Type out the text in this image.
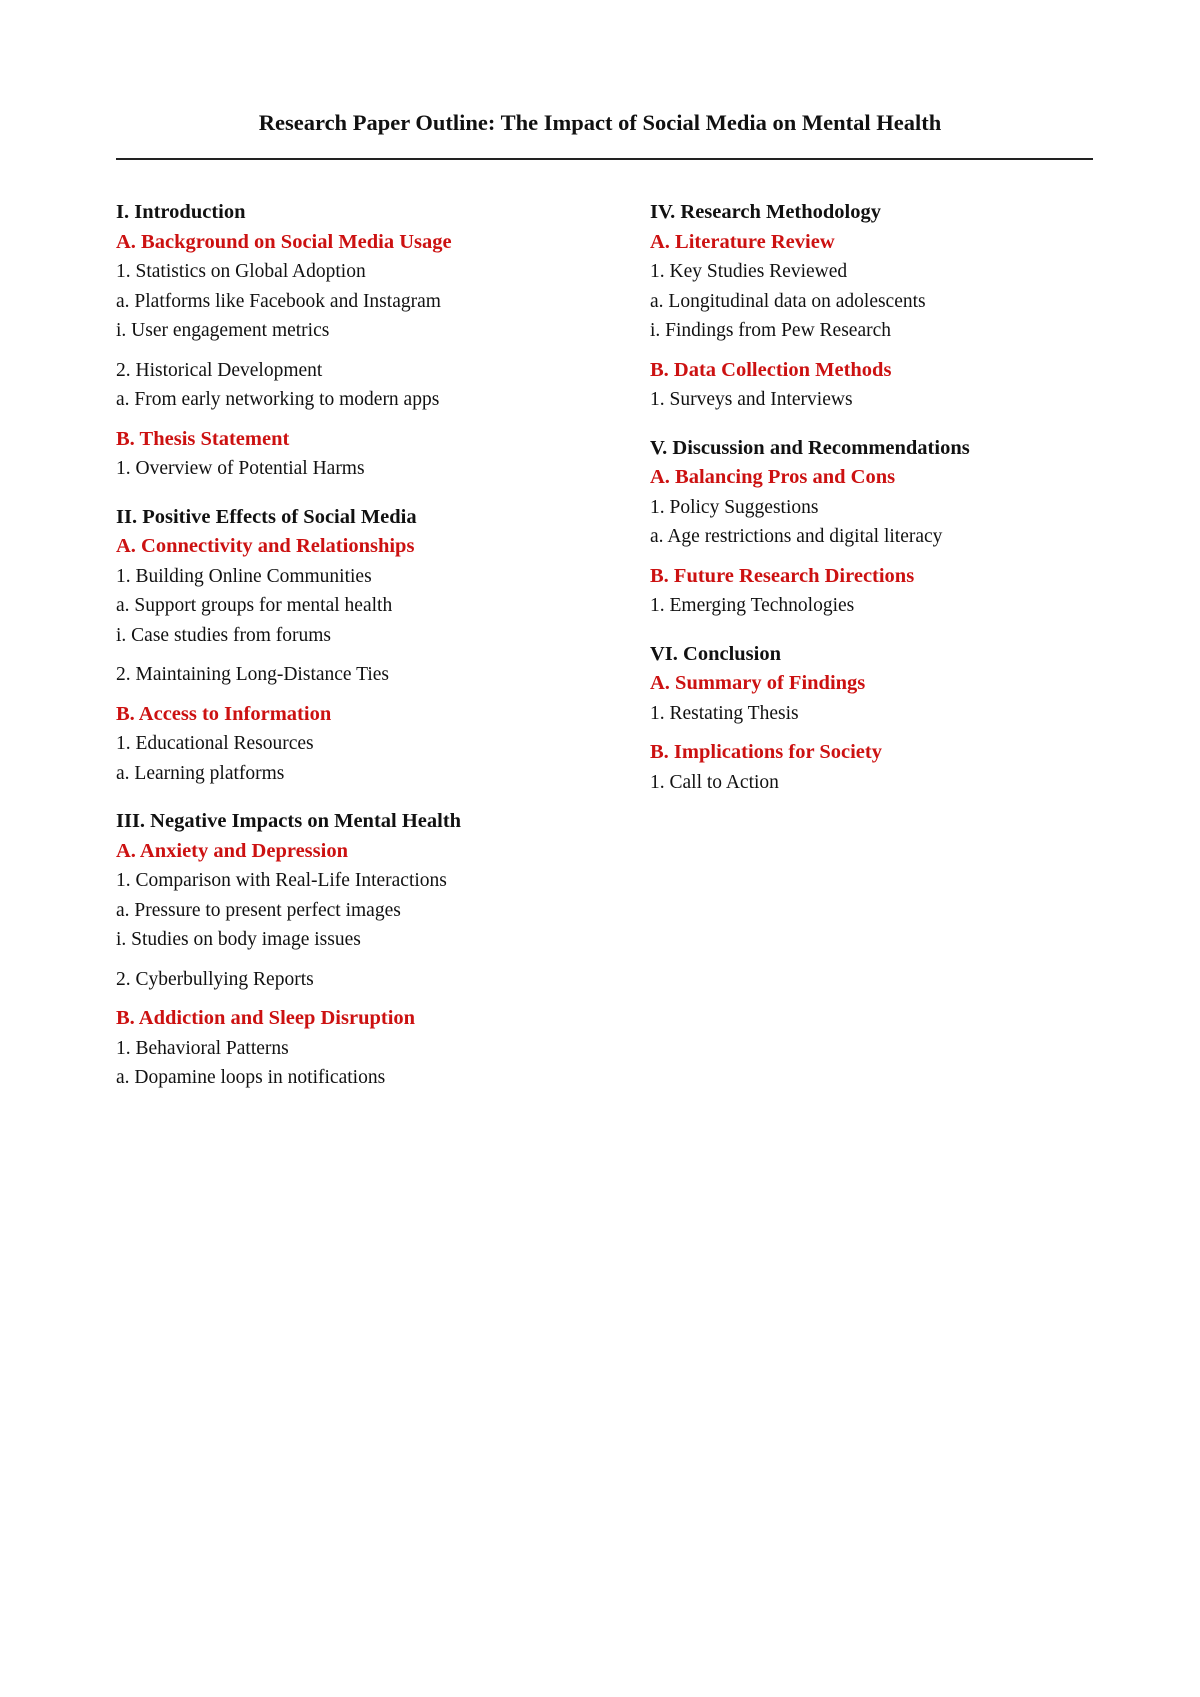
Research Paper Outline: The Impact of Social Media on Mental Health
I. Introduction
A. Background on Social Media Usage
1. Statistics on Global Adoption
a. Platforms like Facebook and Instagram
i. User engagement metrics
2. Historical Development
a. From early networking to modern apps
B. Thesis Statement
1. Overview of Potential Harms
II. Positive Effects of Social Media
A. Connectivity and Relationships
1. Building Online Communities
a. Support groups for mental health
i. Case studies from forums
2. Maintaining Long-Distance Ties
B. Access to Information
1. Educational Resources
a. Learning platforms
III. Negative Impacts on Mental Health
A. Anxiety and Depression
1. Comparison with Real-Life Interactions
a. Pressure to present perfect images
i. Studies on body image issues
2. Cyberbullying Reports
B. Addiction and Sleep Disruption
1. Behavioral Patterns
a. Dopamine loops in notifications
IV. Research Methodology
A. Literature Review
1. Key Studies Reviewed
a. Longitudinal data on adolescents
i. Findings from Pew Research
B. Data Collection Methods
1. Surveys and Interviews
V. Discussion and Recommendations
A. Balancing Pros and Cons
1. Policy Suggestions
a. Age restrictions and digital literacy
B. Future Research Directions
1. Emerging Technologies
VI. Conclusion
A. Summary of Findings
1. Restating Thesis
B. Implications for Society
1. Call to Action
